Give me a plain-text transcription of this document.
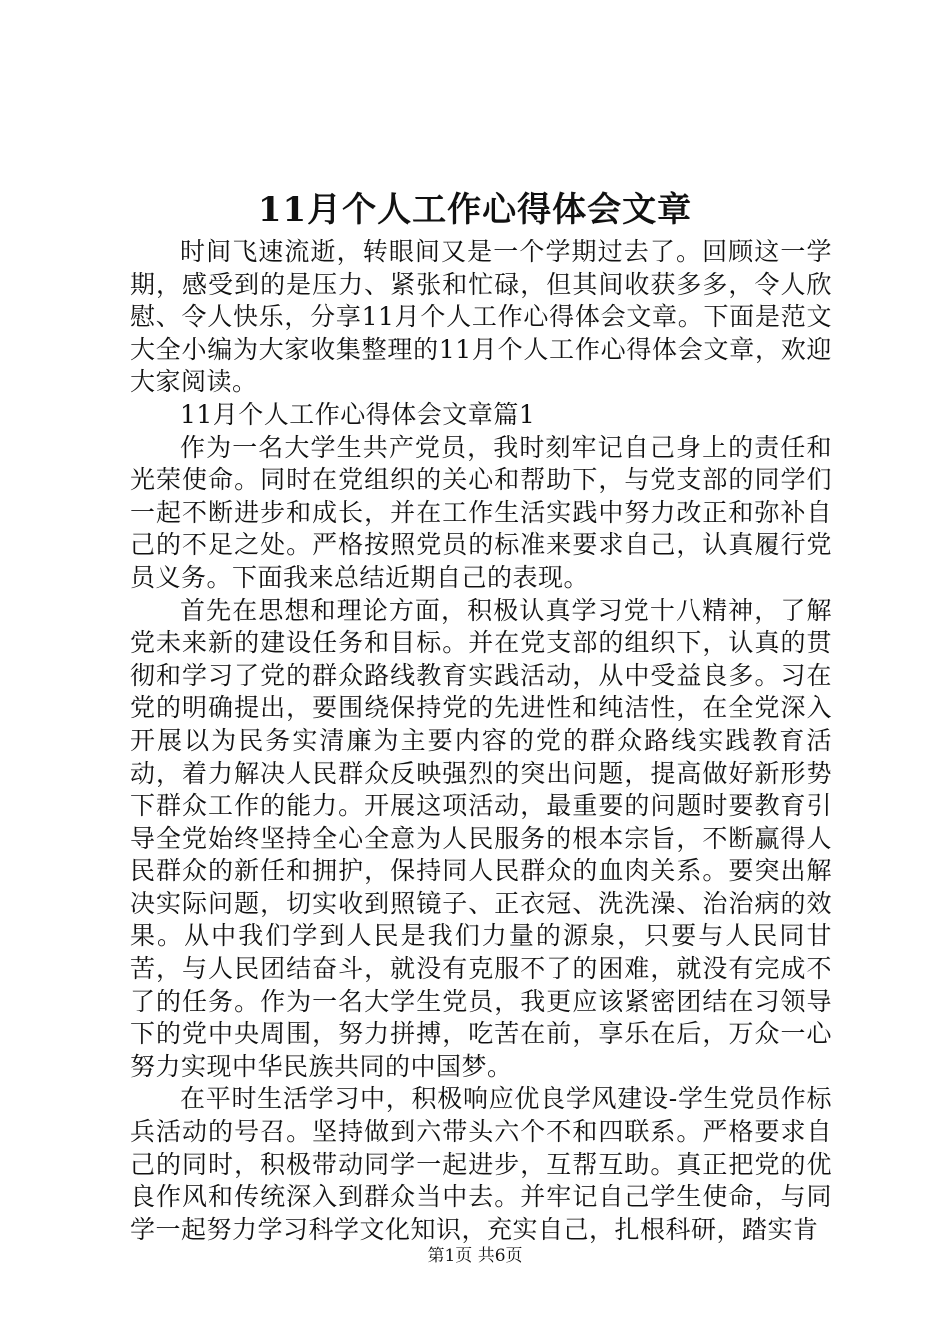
11月个人工作心得体会文章

时间飞速流逝，转眼间又是一个学期过去了。回顾这一学期，感受到的是压力、紧张和忙碌，但其间收获多多，令人欣慰、令人快乐，分享11月个人工作心得体会文章。下面是范文大全小编为大家收集整理的11月个人工作心得体会文章，欢迎大家阅读。

11月个人工作心得体会文章篇1

作为一名大学生共产党员，我时刻牢记自己身上的责任和光荣使命。同时在党组织的关心和帮助下，与党支部的同学们一起不断进步和成长，并在工作生活实践中努力改正和弥补自己的不足之处。严格按照党员的标准来要求自己，认真履行党员义务。下面我来总结近期自己的表现。

首先在思想和理论方面，积极认真学习党十八精神，了解党未来新的建设任务和目标。并在党支部的组织下，认真的贯彻和学习了党的群众路线教育实践活动，从中受益良多。习在党的明确提出，要围绕保持党的先进性和纯洁性，在全党深入开展以为民务实清廉为主要内容的党的群众路线实践教育活动，着力解决人民群众反映强烈的突出问题，提高做好新形势下群众工作的能力。开展这项活动，最重要的问题时要教育引导全党始终坚持全心全意为人民服务的根本宗旨，不断赢得人民群众的新任和拥护，保持同人民群众的血肉关系。要突出解决实际问题，切实收到照镜子、正衣冠、洗洗澡、治治病的效果。从中我们学到人民是我们力量的源泉，只要与人民同甘苦，与人民团结奋斗，就没有克服不了的困难，就没有完成不了的任务。作为一名大学生党员，我更应该紧密团结在习领导下的党中央周围，努力拼搏，吃苦在前，享乐在后，万众一心努力实现中华民族共同的中国梦。

在平时生活学习中，积极响应优良学风建设-学生党员作标兵活动的号召。坚持做到六带头六个不和四联系。严格要求自己的同时，积极带动同学一起进步，互帮互助。真正把党的优良作风和传统深入到群众当中去。并牢记自己学生使命，与同学一起努力学习科学文化知识，充实自己，扎根科研，踏实肯

第1页 共6页
